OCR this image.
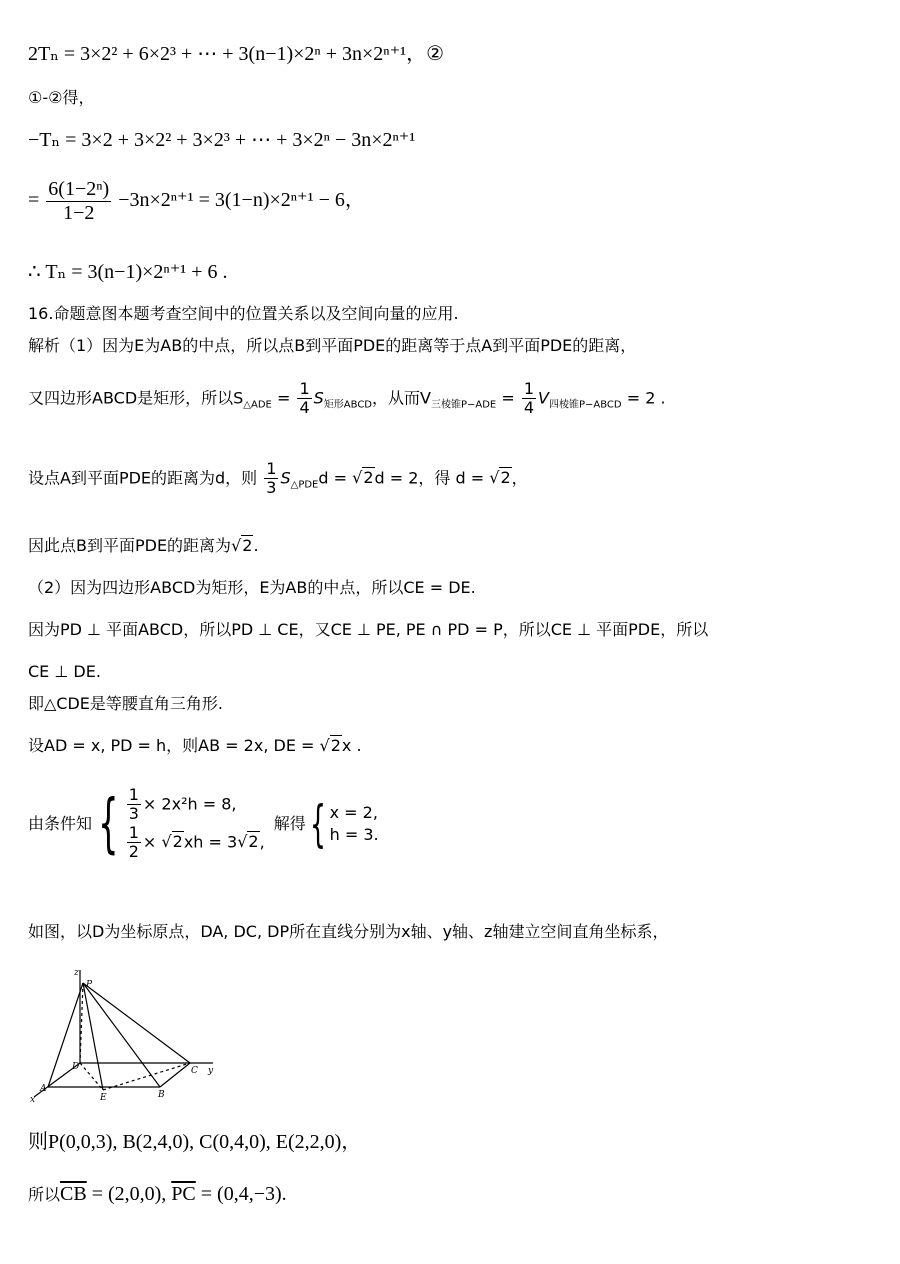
2Tₙ = 3×2² + 6×2³ + ⋯ + 3(n−1)×2ⁿ + 3n×2ⁿ⁺¹，②
①-②得，
−Tₙ = 3×2 + 3×2² + 3×2³ + ⋯ + 3×2ⁿ − 3n×2ⁿ⁺¹
= $\frac{\text{6(1−2ⁿ)}}{1-2} -3n\times 2^{n+1} = 3(1-n)\times 2^{n+1} - 6$，
∴ Tₙ = 3(n−1)×2ⁿ⁺¹ + 6 .
16.命题意图本题考查空间中的位置关系以及空间向量的应用.
解析（1）因为E为AB的中点，所以点B到平面PDE的距离等于点A到平面PDE的距离，
又四边形ABCD是矩形，所以$S_{\triangle ADE} = \frac{1}{4} S_{矩形ABCD}$，从而$V_{三棱锥P-ADE} = \frac{1}{4} V_{四棱锥P-ABCD} = 2$ .
设点A到平面PDE的距离为d，则 $\frac{1}{3} S_{\triangle PDE}d = √2d = 2$，得 d = √2，
因此点B到平面PDE的距离为√2.
（2）因为四边形ABCD为矩形，E为AB的中点，所以CE = DE.
因为PD ⊥ 平面ABCD，所以PD ⊥ CE，又CE ⊥ PE, PE ∩ PD = P，所以CE ⊥ 平面PDE，所以
CE ⊥ DE.
即△CDE是等腰直角三角形.
设AD = x, PD = h，则AB = 2x, DE = √2x .
由条件知{ $\frac{1}{3} \times 2x^2h = 8$,
$\frac{1}{2} \times √2xh = 3√2$,
解得{ x = 2,
h = 3.
如图，以D为坐标原点，DA, DC, DP所在直线分别为x轴、y轴、z轴建立空间直角坐标系，
z
P
D	C y
A
E	B
x
则P(0,0,3), B(2,4,0), C(0,4,0), E(2,2,0)，
所以$\overline{CB} = (2,0,0)$, $\overline{PC} = (0,4,-3)$.
